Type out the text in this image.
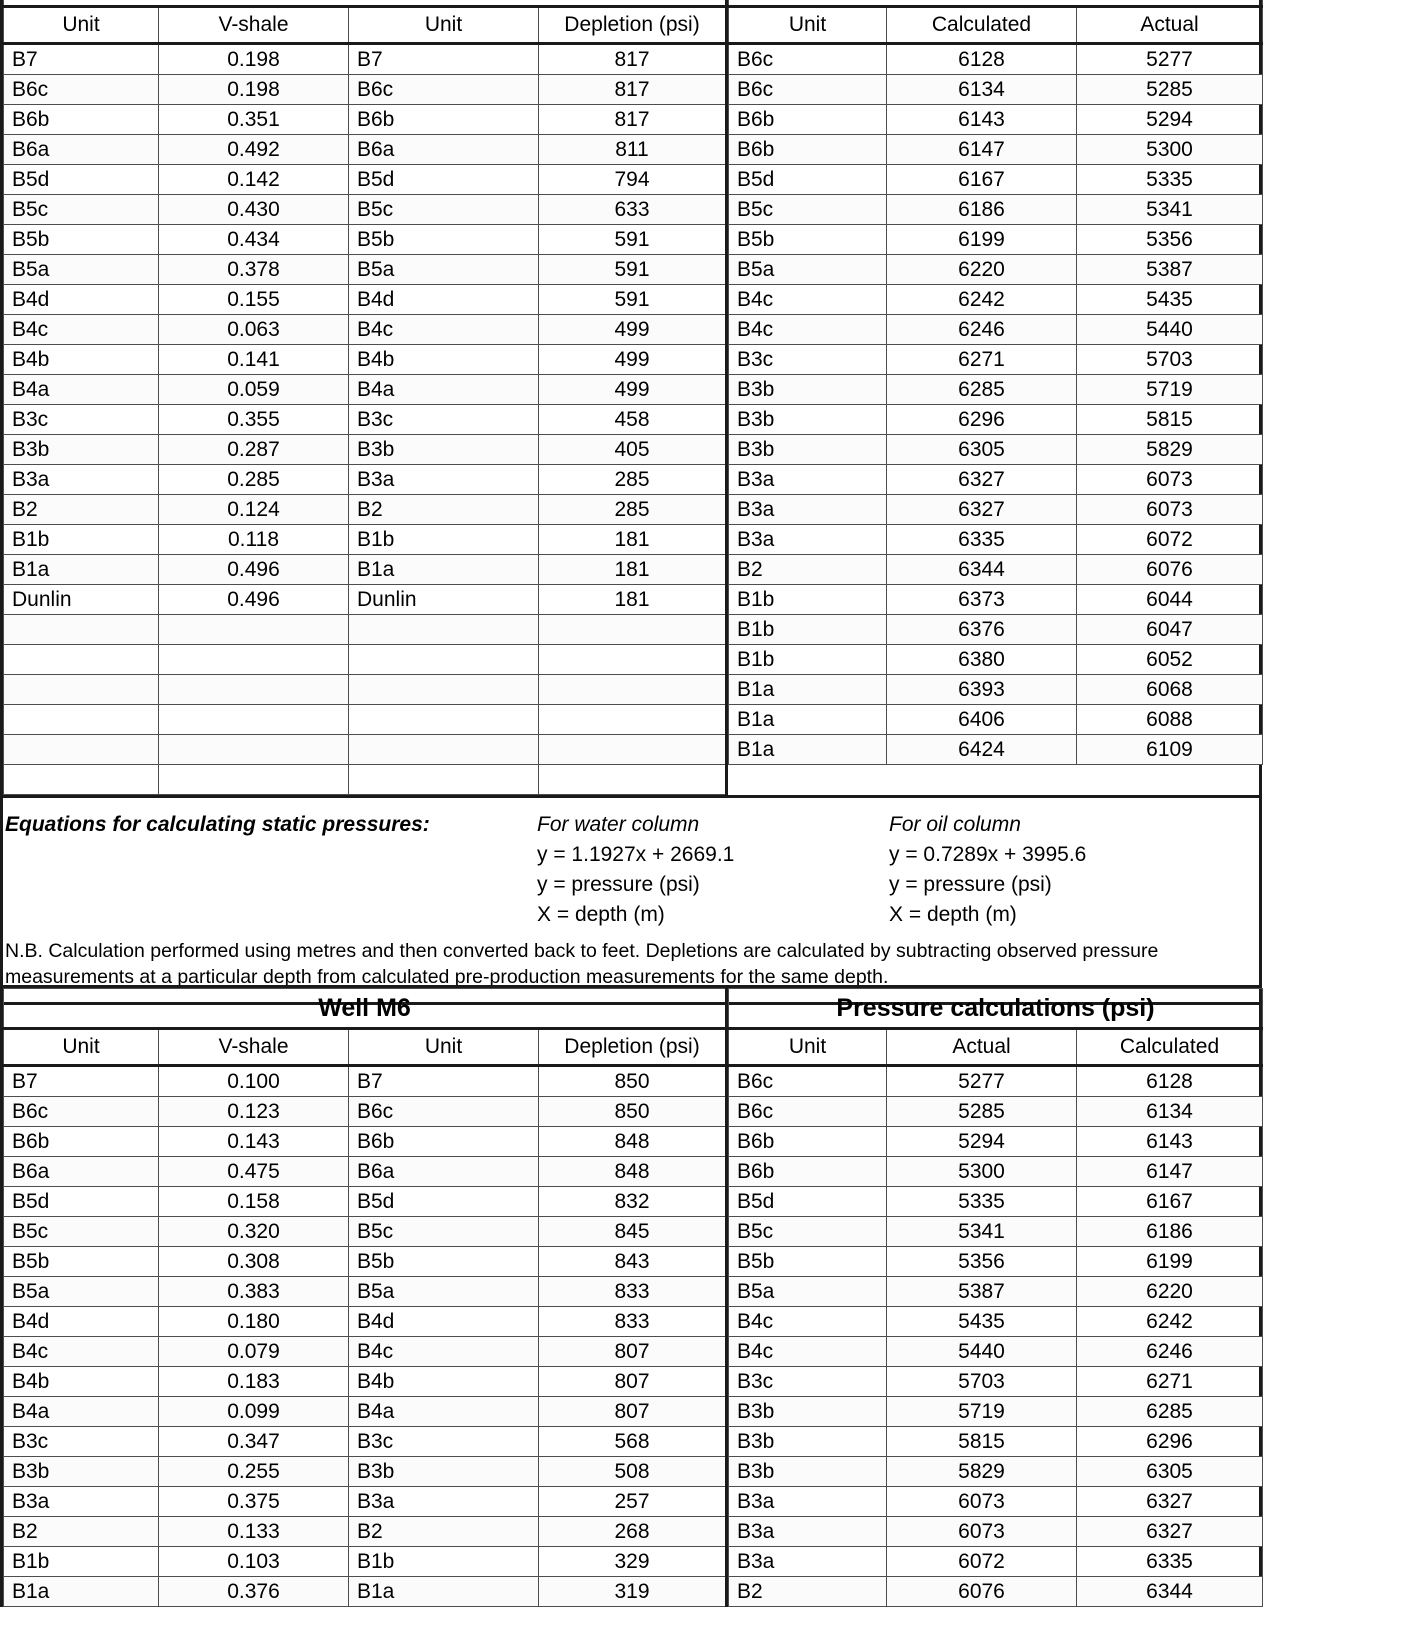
Unit	V-shale	Unit	Depletion (psi)
B7	0.198	B7	817
B6c	0.198	B6c	817
B6b	0.351	B6b	817
B6a	0.492	B6a	811
B5d	0.142	B5d	794
B5c	0.430	B5c	633
B5b	0.434	B5b	591
B5a	0.378	B5a	591
B4d	0.155	B4d	591
B4c	0.063	B4c	499
B4b	0.141	B4b	499
B4a	0.059	B4a	499
B3c	0.355	B3c	458
B3b	0.287	B3b	405
B3a	0.285	B3a	285
B2	0.124	B2	285
B1b	0.118	B1b	181
B1a	0.496	B1a	181
Dunlin	0.496	Dunlin	181

Unit	Calculated	Actual
B6c	6128	5277
B6c	6134	5285
B6b	6143	5294
B6b	6147	5300
B5d	6167	5335
B5c	6186	5341
B5b	6199	5356
B5a	6220	5387
B4c	6242	5435
B4c	6246	5440
B3c	6271	5703
B3b	6285	5719
B3b	6296	5815
B3b	6305	5829
B3a	6327	6073
B3a	6327	6073
B3a	6335	6072
B2	6344	6076
B1b	6373	6044
B1b	6376	6047
B1b	6380	6052
B1a	6393	6068
B1a	6406	6088
B1a	6424	6109
Equations for calculating static pressures:	For water column
y = 1.1927x + 2669.1
y = pressure (psi)
X = depth (m)
For oil column
y = 0.7289x + 3995.6
y = pressure (psi)
X = depth (m)
N.B. Calculation performed using metres and then converted back to feet. Depletions are calculated by subtracting observed pressure
measurements at a particular depth from calculated pre-production measurements for the same depth.
Well M6			
Unit	V-shale	Unit	Depletion (psi)
B7	0.100	B7	850
B6c	0.123	B6c	850
B6b	0.143	B6b	848
B6a	0.475	B6a	848
B5d	0.158	B5d	832
B5c	0.320	B5c	845
B5b	0.308	B5b	843
B5a	0.383	B5a	833
B4d	0.180	B4d	833
B4c	0.079	B4c	807
B4b	0.183	B4b	807
B4a	0.099	B4a	807
B3c	0.347	B3c	568
B3b	0.255	B3b	508
B3a	0.375	B3a	257
B2	0.133	B2	268
B1b	0.103	B1b	329
B1a	0.376	B1a	319
Pressure calculations (psi)		
Unit	Actual	Calculated
B6c	5277	6128
B6c	5285	6134
B6b	5294	6143
B6b	5300	6147
B5d	5335	6167
B5c	5341	6186
B5b	5356	6199
B5a	5387	6220
B4c	5435	6242
B4c	5440	6246
B3c	5703	6271
B3b	5719	6285
B3b	5815	6296
B3b	5829	6305
B3a	6073	6327
B3a	6073	6327
B3a	6072	6335
B2	6076	6344
